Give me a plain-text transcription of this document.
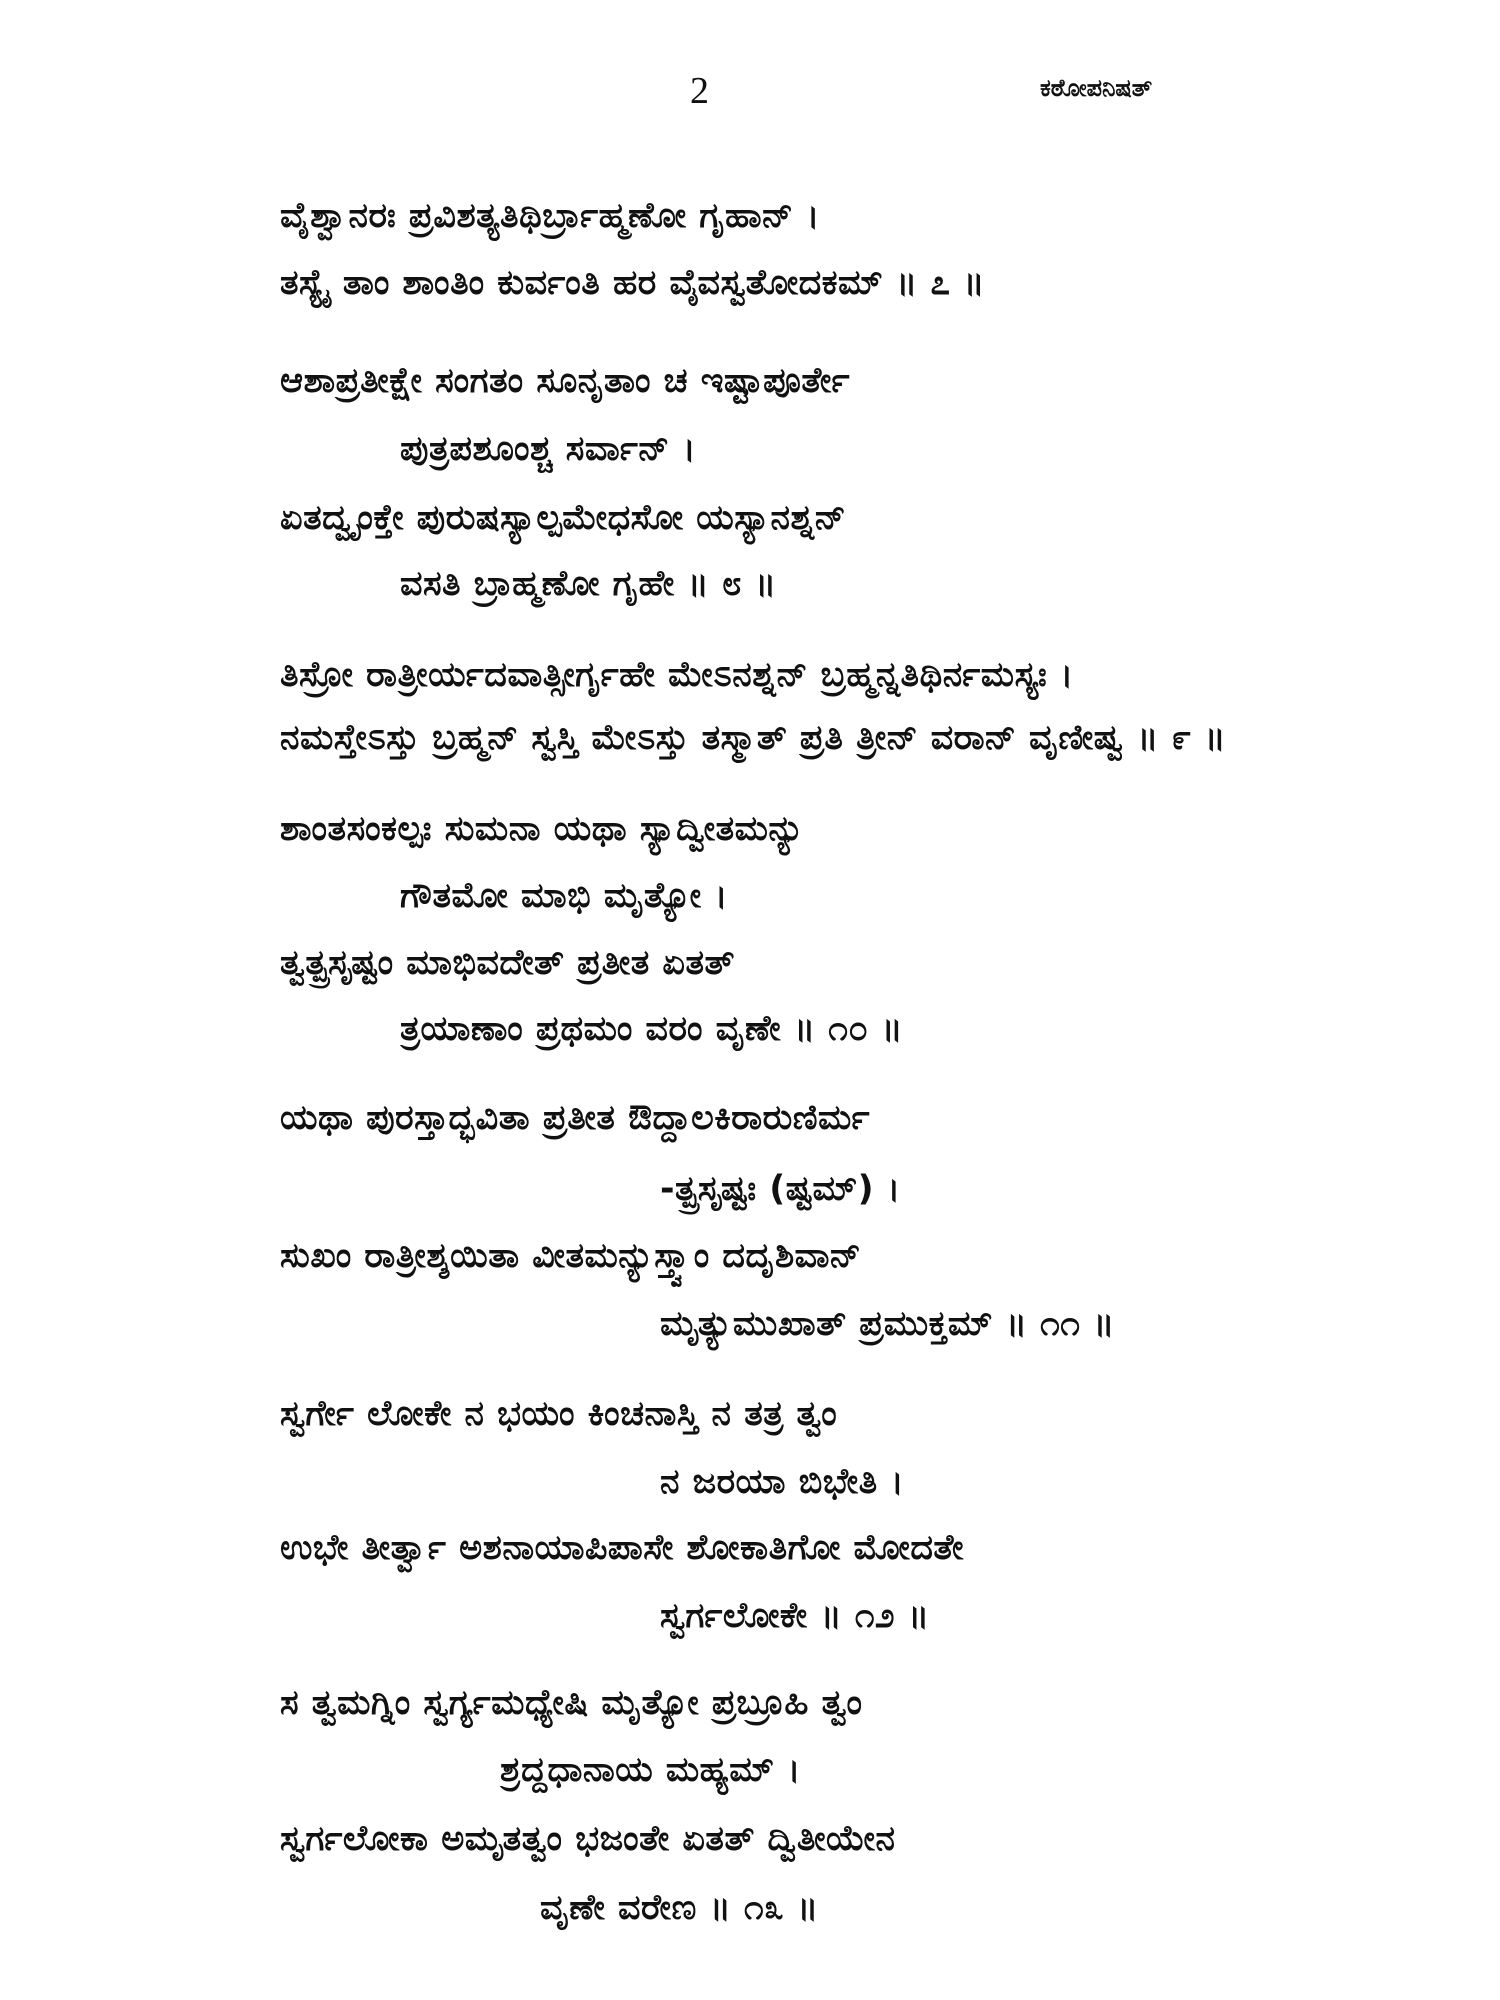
2	ಕಠೋಪನಿಷತ್
ವೈಶ್ವಾನರಃ ಪ್ರವಿಶತ್ಯತಿಥಿರ್ಬ್ರಾಹ್ಮಣೋ ಗೃಹಾನ್ ।
ತಸ್ಯೈ ತಾಂ ಶಾಂತಿಂ ಕುರ್ವಂತಿ ಹರ ವೈವಸ್ವತೋದಕಮ್ ॥ ೭ ॥
ಆಶಾಪ್ರತೀಕ್ಷೇ ಸಂಗತಂ ಸೂನೃತಾಂ ಚ ಇಷ್ಟಾಪೂರ್ತೇ
ಪುತ್ರಪಶೂಂಶ್ಚ ಸರ್ವಾನ್ ।
ಏತದ್ವೃಂಕ್ತೇ ಪುರುಷಸ್ಯಾಲ್ಪಮೇಧಸೋ ಯಸ್ಯಾನಶ್ನನ್
ವಸತಿ ಬ್ರಾಹ್ಮಣೋ ಗೃಹೇ ॥ ೮ ॥
ತಿಸ್ರೋ ರಾತ್ರೀರ್ಯದವಾತ್ಸೀರ್ಗೃಹೇ ಮೇಽನಶ್ನನ್ ಬ್ರಹ್ಮನ್ನತಿಥಿರ್ನಮಸ್ಯಃ ।
ನಮಸ್ತೇಽಸ್ತು ಬ್ರಹ್ಮನ್ ಸ್ವಸ್ತಿ ಮೇಽಸ್ತು ತಸ್ಮಾತ್ ಪ್ರತಿ ತ್ರೀನ್ ವರಾನ್ ವೃಣೀಷ್ವ ॥ ೯ ॥
ಶಾಂತಸಂಕಲ್ಪಃ ಸುಮನಾ ಯಥಾ ಸ್ಯಾದ್ವೀತಮನ್ಯು
ಗೌತಮೋ ಮಾಭಿ ಮೃತ್ಯೋ ।
ತ್ವತ್ಪ್ರಸೃಷ್ಟಂ ಮಾಭಿವದೇತ್ ಪ್ರತೀತ ಏತತ್
ತ್ರಯಾಣಾಂ ಪ್ರಥಮಂ ವರಂ ವೃಣೇ ॥ ೧೦ ॥
ಯಥಾ ಪುರಸ್ತಾದ್ಭವಿತಾ ಪ್ರತೀತ ಔದ್ದಾಲಕಿರಾರುಣಿರ್ಮ
-ತ್ಪ್ರಸೃಷ್ಟಃ (ಷ್ಟಮ್) ।
ಸುಖಂ ರಾತ್ರೀಶ್ಶಯಿತಾ ವೀತಮನ್ಯುಸ್ತ್ವಾಂ ದದೃಶಿವಾನ್
ಮೃತ್ಯುಮುಖಾತ್ ಪ್ರಮುಕ್ತಮ್ ॥ ೧೧ ॥
ಸ್ವರ್ಗೇ ಲೋಕೇ ನ ಭಯಂ ಕಿಂಚನಾಸ್ತಿ ನ ತತ್ರ ತ್ವಂ
ನ ಜರಯಾ ಬಿಭೇತಿ ।
ಉಭೇ ತೀರ್ತ್ವಾ ಅಶನಾಯಾಪಿಪಾಸೇ ಶೋಕಾತಿಗೋ ಮೋದತೇ
ಸ್ವರ್ಗಲೋಕೇ ॥ ೧೨ ॥
ಸ ತ್ವಮಗ್ನಿಂ ಸ್ವರ್ಗ್ಯಮಧ್ಯೇಷಿ ಮೃತ್ಯೋ ಪ್ರಬ್ರೂಹಿ ತ್ವಂ
ಶ್ರದ್ದಧಾನಾಯ ಮಹ್ಯಮ್ ।
ಸ್ವರ್ಗಲೋಕಾ ಅಮೃತತ್ವಂ ಭಜಂತೇ ಏತತ್ ದ್ವಿತೀಯೇನ
ವೃಣೇ ವರೇಣ ॥ ೧೩ ॥
